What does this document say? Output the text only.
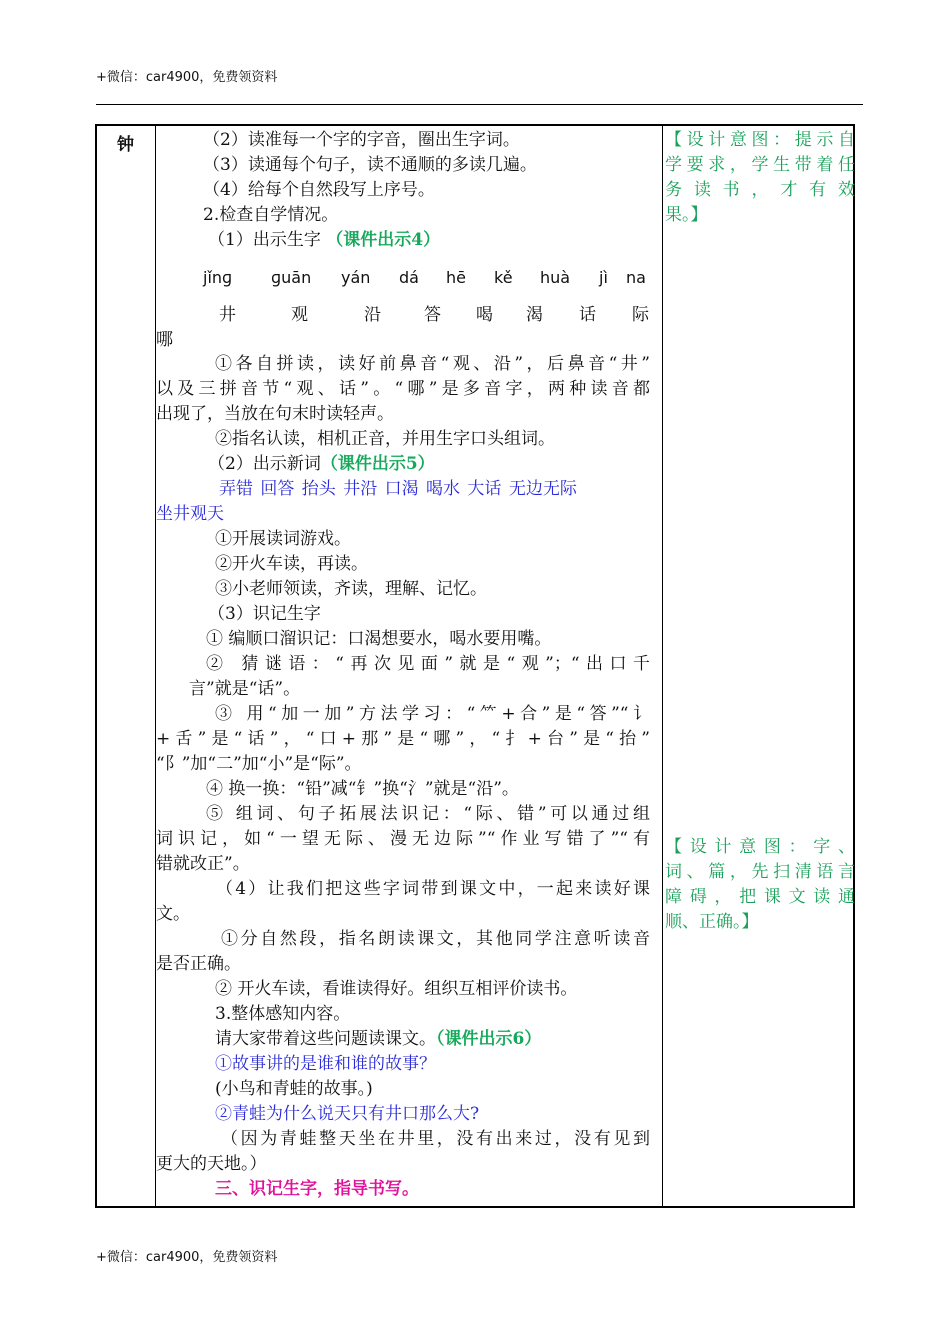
+微信：car4900，免费领资料
钟	（2）读准每一个字的字音，圈出生字词。
（3）读通每个句子，读不通顺的多读几遍。
（4）给每个自然段写上序号。
2.检查自学情况。
（1）出示生字 （课件出示4）
jǐnɡ ɡuān yán dá hē kě huà jì na
井	观	沿	答 喝 渴 话 际
哪
①各自拼读，读好前鼻音“观、沿”，后鼻音“井”
以及三拼音节“观、话”。“哪”是多音字，两种读音都
出现了，当放在句末时读轻声。
②指名认读，相机正音，并用生字口头组词。
（2）出示新词（课件出示5）
弄错 回答 抬头 井沿 口渴 喝水 大话 无边无际
坐井观天
①开展读词游戏。
②开火车读，再读。
③小老师领读，齐读，理解、记忆。
（3）识记生字
① 编顺口溜识记：口渴想要水，喝水要用嘴。
② 猜谜语：“再次见面”就是“观”；“出口千
言”就是“话”。
③ 用“加一加”方法学习：“⺮+合”是“答”“讠
+舌”是“话”，“口+那”是“哪”，“扌+台”是“抬”
“阝”加“二”加“小”是“际”。
④ 换一换：“铅”减“钅”换“氵”就是“沿”。
⑤ 组词、句子拓展法识记：“际、错”可以通过组
词识记，如“一望无际、漫无边际”“作业写错了”“有
错就改正”。
（4）让我们把这些字词带到课文中，一起来读好课
文。
①分自然段，指名朗读课文，其他同学注意听读音
是否正确。
② 开火车读，看谁读得好。组织互相评价读书。
3.整体感知内容。
请大家带着这些问题读课文。（课件出示6）
①故事讲的是谁和谁的故事？
(小鸟和青蛙的故事。)
②青蛙为什么说天只有井口那么大?
（因为青蛙整天坐在井里，没有出来过，没有见到
更大的天地。）
三、识记生字，指导书写。
【设计意图：提示自
学要求，学生带着任
务读书，才有效
果。】
【设计意图：字、
词、篇，先扫清语言
障碍，把课文读通
顺、正确。】
+微信：car4900，免费领资料
